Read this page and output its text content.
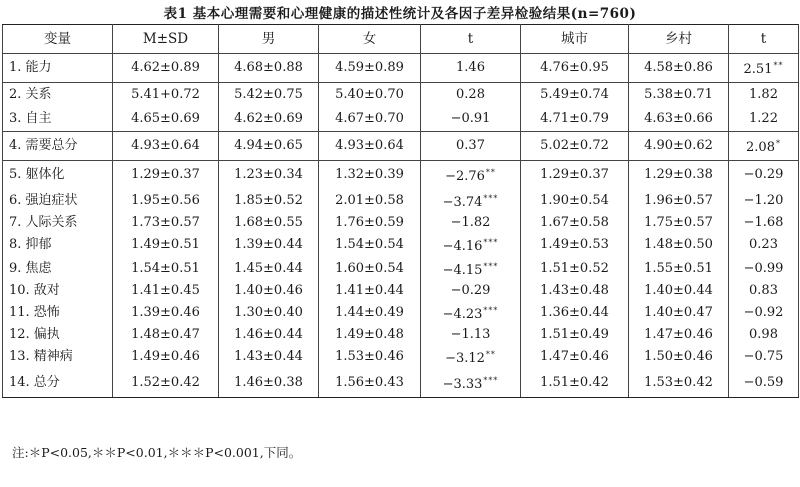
表1 基本心理需要和心理健康的描述性统计及各因子差异检验结果(n=760)
变量	M±SD	男	女	t	城市	乡村	t
1. 能力	4.62±0.89	4.68±0.88	4.59±0.89	1.46	4.76±0.95	4.58±0.86	2.51**
2. 关系	5.41+0.72	5.42±0.75	5.40±0.70	0.28	5.49±0.74	5.38±0.71	1.82
3. 自主	4.65±0.69	4.62±0.69	4.67±0.70	−0.91	4.71±0.79	4.63±0.66	1.22
4. 需要总分	4.93±0.64	4.94±0.65	4.93±0.64	0.37	5.02±0.72	4.90±0.62	2.08*
5. 躯体化	1.29±0.37	1.23±0.34	1.32±0.39	−2.76**	1.29±0.37	1.29±0.38	−0.29
6. 强迫症状	1.95±0.56	1.85±0.52	2.01±0.58	−3.74***	1.90±0.54	1.96±0.57	−1.20
7. 人际关系	1.73±0.57	1.68±0.55	1.76±0.59	−1.82	1.67±0.58	1.75±0.57	−1.68
8. 抑郁	1.49±0.51	1.39±0.44	1.54±0.54	−4.16***	1.49±0.53	1.48±0.50	0.23
9. 焦虑	1.54±0.51	1.45±0.44	1.60±0.54	−4.15***	1.51±0.52	1.55±0.51	−0.99
10. 敌对	1.41±0.45	1.40±0.46	1.41±0.44	−0.29	1.43±0.48	1.40±0.44	0.83
11. 恐怖	1.39±0.46	1.30±0.40	1.44±0.49	−4.23***	1.36±0.44	1.40±0.47	−0.92
12. 偏执	1.48±0.47	1.46±0.44	1.49±0.48	−1.13	1.51±0.49	1.47±0.46	0.98
13. 精神病	1.49±0.46	1.43±0.44	1.53±0.46	−3.12**	1.47±0.46	1.50±0.46	−0.75
14. 总分	1.52±0.42	1.46±0.38	1.56±0.43	−3.33***	1.51±0.42	1.53±0.42	−0.59
注:＊P<0.05,＊＊P<0.01,＊＊＊P<0.001,下同。
